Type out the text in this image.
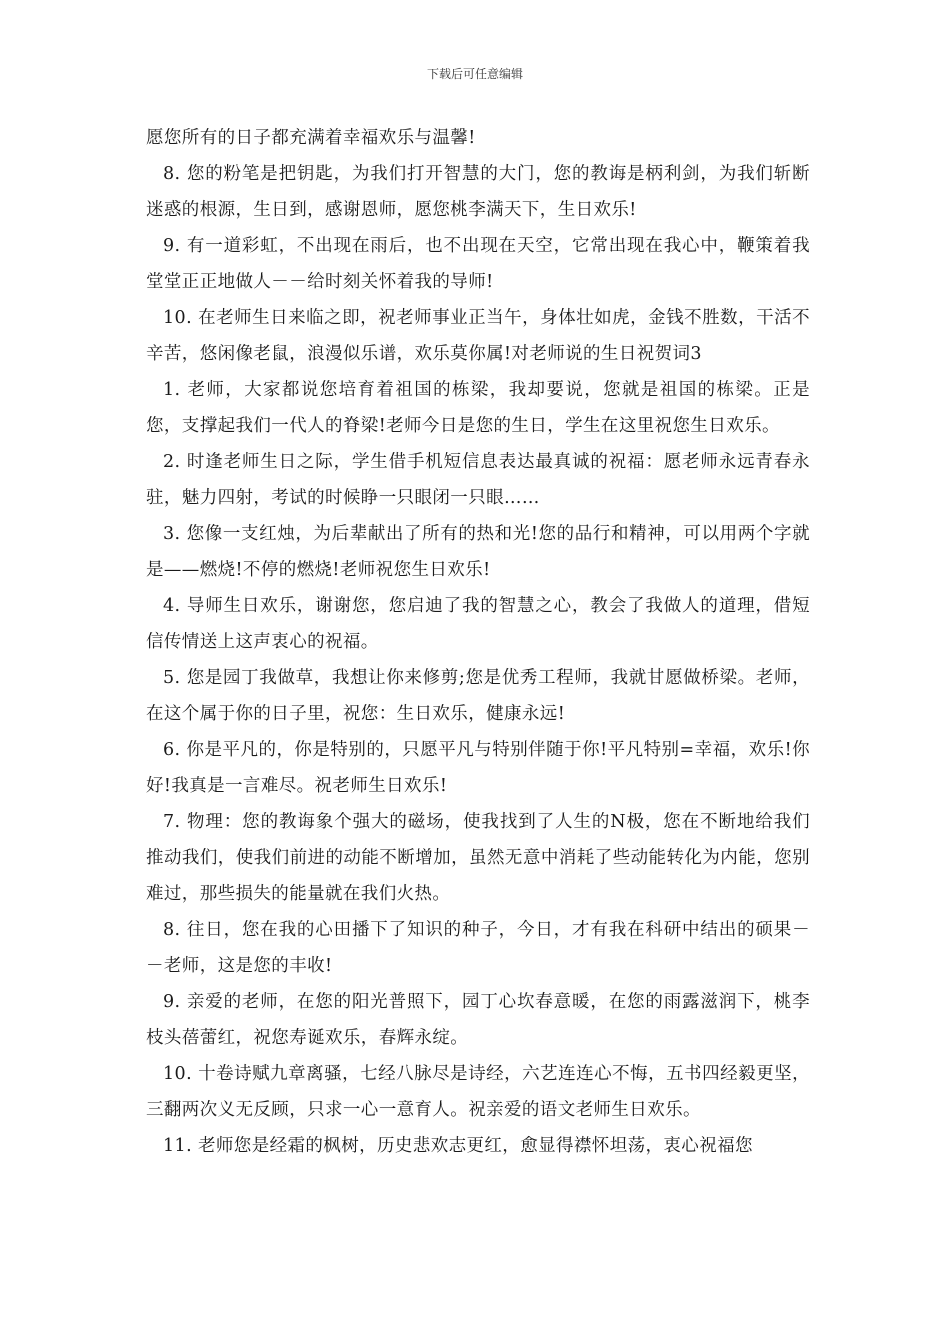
下载后可任意编辑

愿您所有的日子都充满着幸福欢乐与温馨!

8. 您的粉笔是把钥匙，为我们打开智慧的大门，您的教诲是柄利剑，为我们斩断迷惑的根源，生日到，感谢恩师，愿您桃李满天下，生日欢乐!

9. 有一道彩虹，不出现在雨后，也不出现在天空，它常出现在我心中，鞭策着我堂堂正正地做人－－给时刻关怀着我的导师!

10. 在老师生日来临之即，祝老师事业正当午，身体壮如虎，金钱不胜数，干活不辛苦，悠闲像老鼠，浪漫似乐谱，欢乐莫你属!对老师说的生日祝贺词3

1. 老师，大家都说您培育着祖国的栋梁，我却要说，您就是祖国的栋梁。正是您，支撑起我们一代人的脊梁!老师今日是您的生日，学生在这里祝您生日欢乐。

2. 时逢老师生日之际，学生借手机短信息表达最真诚的祝福：愿老师永远青春永驻，魅力四射，考试的时候睁一只眼闭一只眼……

3. 您像一支红烛，为后辈献出了所有的热和光!您的品行和精神，可以用两个字就是——燃烧!不停的燃烧!老师祝您生日欢乐!

4. 导师生日欢乐，谢谢您，您启迪了我的智慧之心，教会了我做人的道理，借短信传情送上这声衷心的祝福。

5. 您是园丁我做草，我想让你来修剪;您是优秀工程师，我就甘愿做桥梁。老师，在这个属于你的日子里，祝您：生日欢乐，健康永远!

6. 你是平凡的，你是特别的，只愿平凡与特别伴随于你!平凡特别=幸福，欢乐!你好!我真是一言难尽。祝老师生日欢乐!

7. 物理：您的教诲象个强大的磁场，使我找到了人生的N极，您在不断地给我们推动我们，使我们前进的动能不断增加，虽然无意中消耗了些动能转化为内能，您别难过，那些损失的能量就在我们火热。

8. 往日，您在我的心田播下了知识的种子，今日，才有我在科研中结出的硕果－－老师，这是您的丰收!

9. 亲爱的老师，在您的阳光普照下，园丁心坎春意暖，在您的雨露滋润下，桃李枝头蓓蕾红，祝您寿诞欢乐，春辉永绽。

10. 十卷诗赋九章离骚，七经八脉尽是诗经，六艺连连心不悔，五书四经毅更坚，三翻两次义无反顾，只求一心一意育人。祝亲爱的语文老师生日欢乐。

11. 老师您是经霜的枫树，历史悲欢志更红，愈显得襟怀坦荡，衷心祝福您
